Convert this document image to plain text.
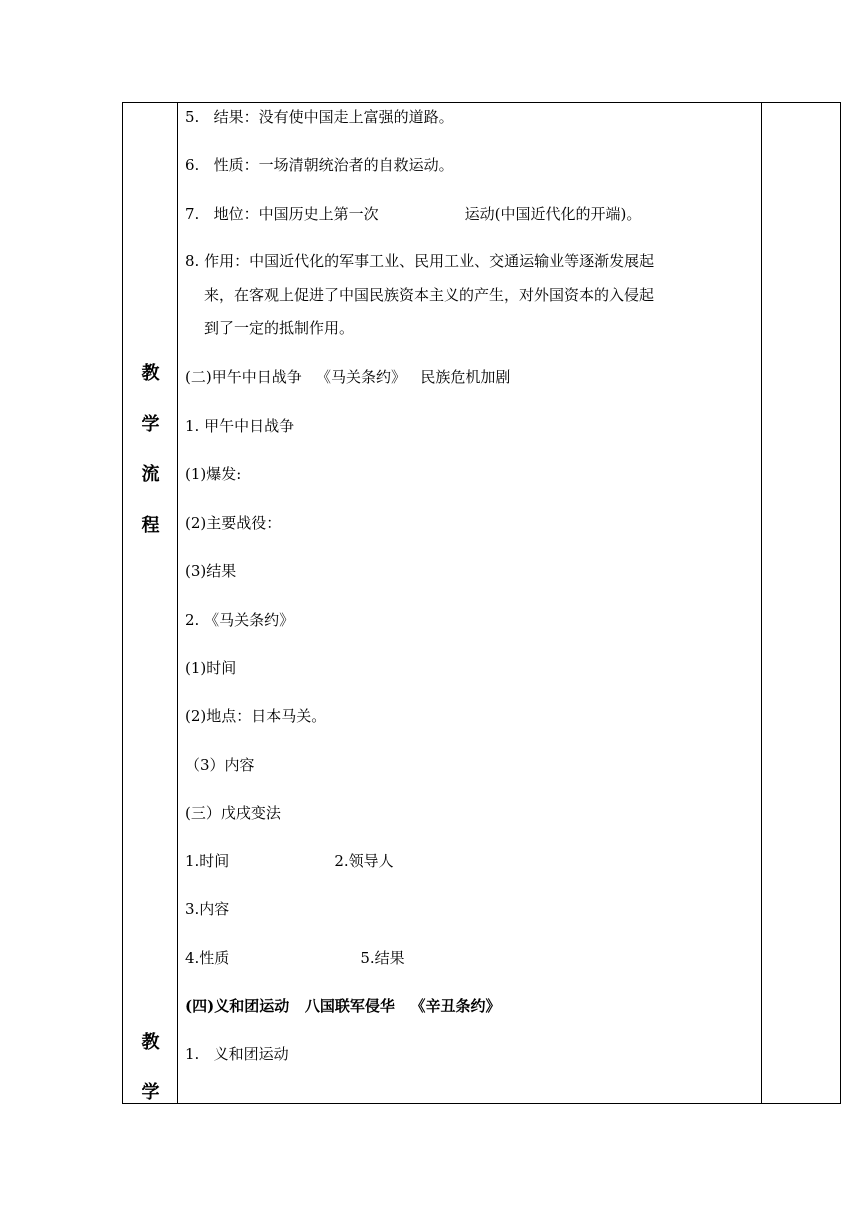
教
学
流
程
教
学
5.   结果：没有使中国走上富强的道路。
6.   性质：一场清朝统治者的自救运动。
7.   地位：中国历史上第一次	运动(中国近代化的开端)。
8. 作用：中国近代化的军事工业、民用工业、交通运输业等逐渐发展起
来，在客观上促进了中国民族资本主义的产生，对外国资本的入侵起
到了一定的抵制作用。
(二)甲午中日战争   《马关条约》   民族危机加剧
1. 甲午中日战争
(1)爆发:
(2)主要战役：
(3)结果
2. 《马关条约》
(1)时间
(2)地点：日本马关。
（3）内容
(三）戊戌变法
1.时间	2.领导人
3.内容
4.性质	5.结果
(四)义和团运动   八国联军侵华   《辛丑条约》
1.   义和团运动
